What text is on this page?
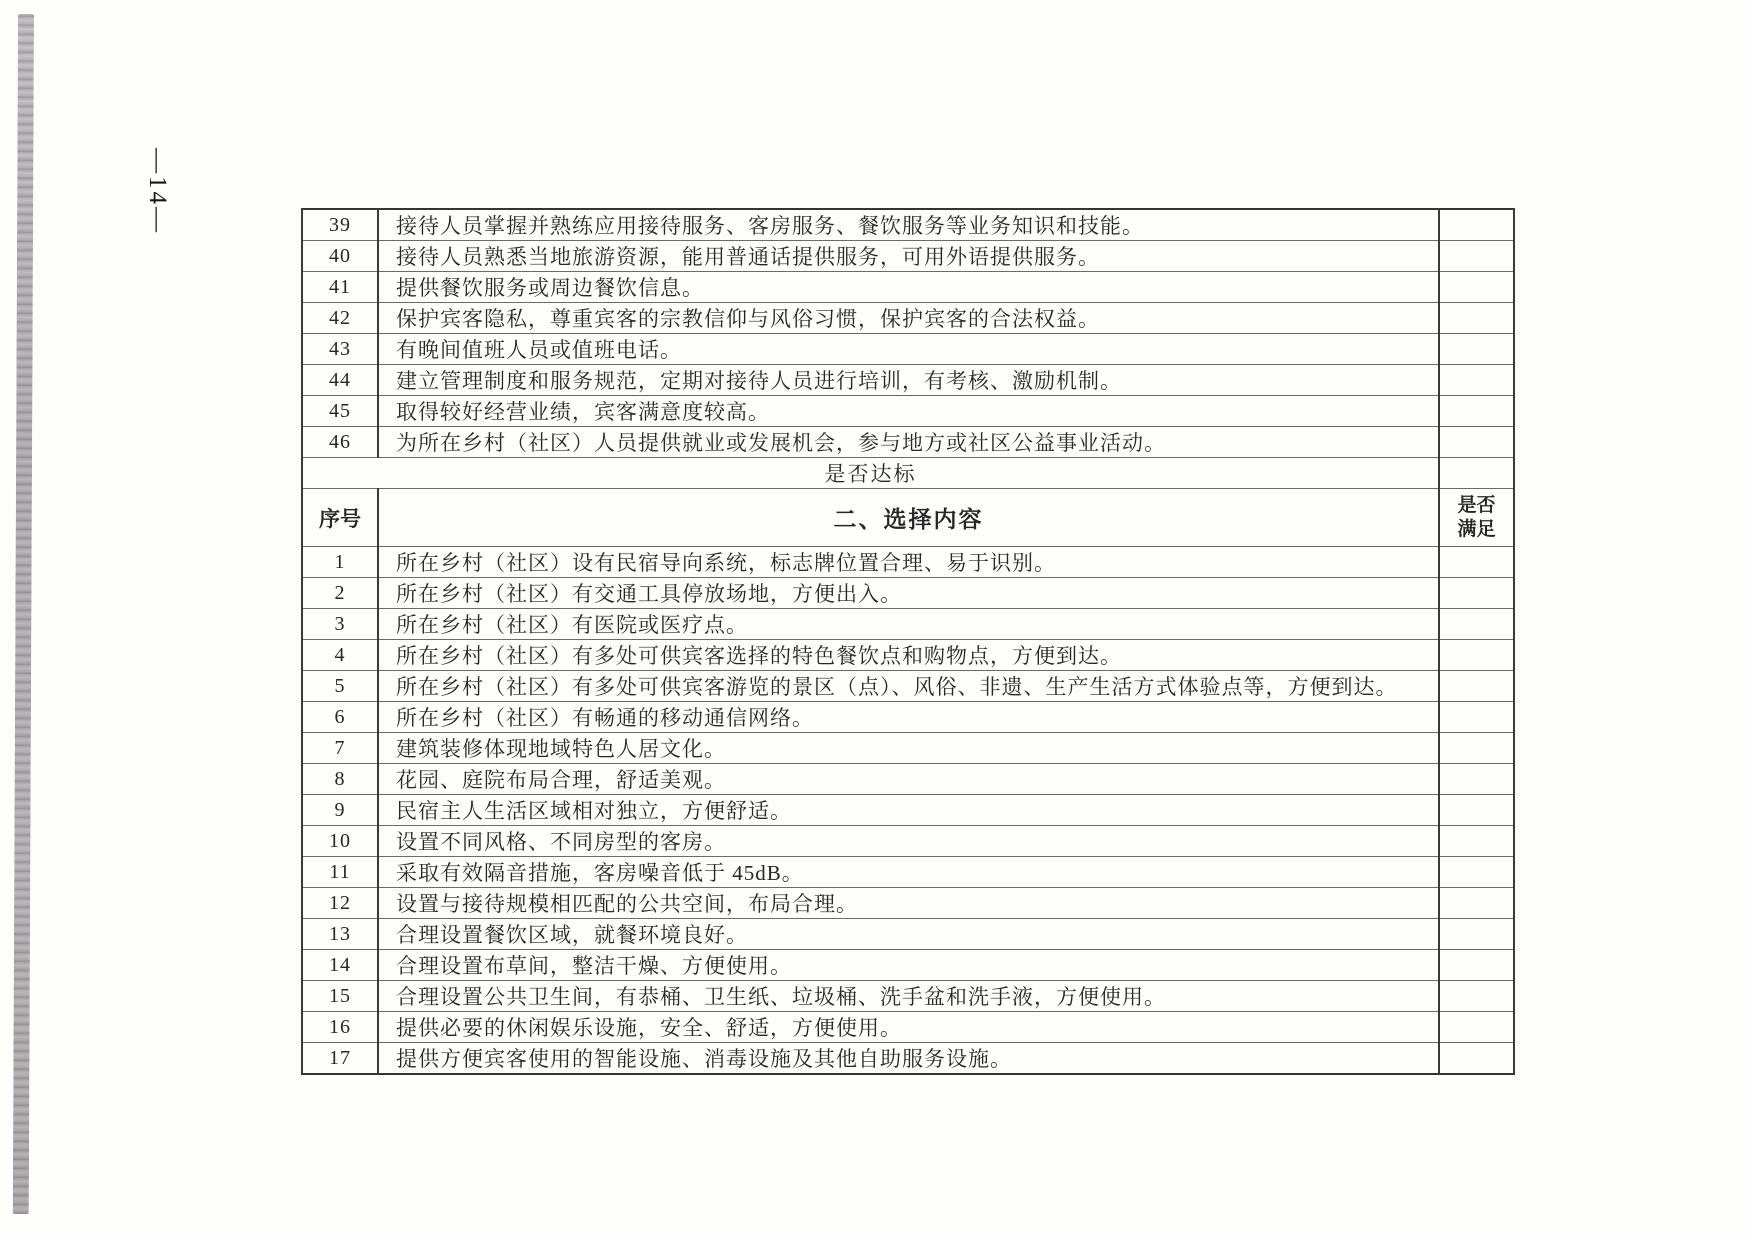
—14—	39	接待人员掌握并熟练应用接待服务、客房服务、餐饮服务等业务知识和技能。	
40	接待人员熟悉当地旅游资源，能用普通话提供服务，可用外语提供服务。	
41	提供餐饮服务或周边餐饮信息。	
42	保护宾客隐私，尊重宾客的宗教信仰与风俗习惯，保护宾客的合法权益。	
43	有晚间值班人员或值班电话。	
44	建立管理制度和服务规范，定期对接待人员进行培训，有考核、激励机制。	
45	取得较好经营业绩，宾客满意度较高。	
46	为所在乡村（社区）人员提供就业或发展机会，参与地方或社区公益事业活动。	
是否达标		
序号	二、选择内容	是否
满足

1	所在乡村（社区）设有民宿导向系统，标志牌位置合理、易于识别。	
2	所在乡村（社区）有交通工具停放场地，方便出入。	
3	所在乡村（社区）有医院或医疗点。	
4	所在乡村（社区）有多处可供宾客选择的特色餐饮点和购物点，方便到达。	
5	所在乡村（社区）有多处可供宾客游览的景区（点）、风俗、非遗、生产生活方式体验点等，方便到达。	
6	所在乡村（社区）有畅通的移动通信网络。	
7	建筑装修体现地域特色人居文化。	
8	花园、庭院布局合理，舒适美观。	
9	民宿主人生活区域相对独立，方便舒适。	
10	设置不同风格、不同房型的客房。	
11	采取有效隔音措施，客房噪音低于 45dB。	
12	设置与接待规模相匹配的公共空间，布局合理。	
13	合理设置餐饮区域，就餐环境良好。	
14	合理设置布草间，整洁干燥、方便使用。	
15	合理设置公共卫生间，有恭桶、卫生纸、垃圾桶、洗手盆和洗手液，方便使用。	
16	提供必要的休闲娱乐设施，安全、舒适，方便使用。	
17	提供方便宾客使用的智能设施、消毒设施及其他自助服务设施。	
